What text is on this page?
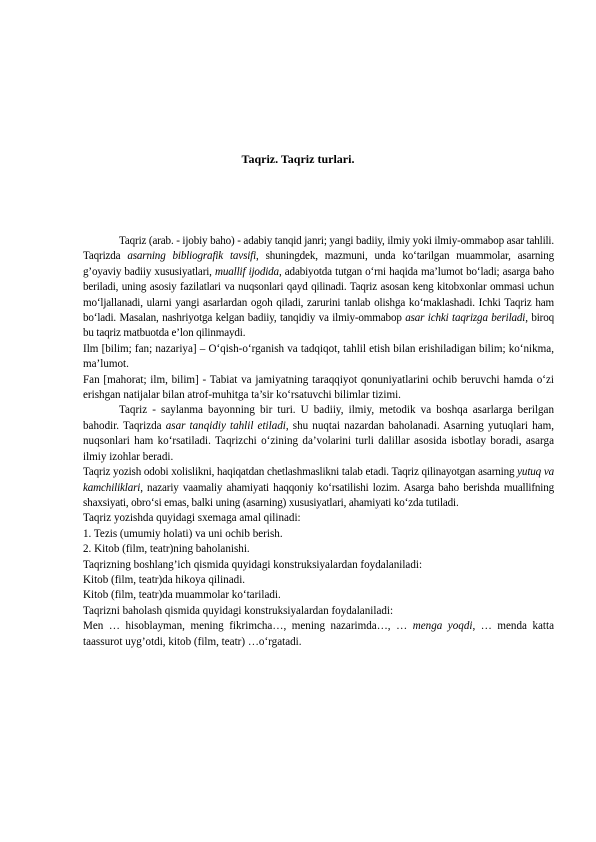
Taqriz. Taqriz turlari.

Taqriz (arab. - ijobiy baho) - adabiy tanqid janri; yangi badiiy, ilmiy yoki ilmiy-ommabop asar tahlili. Taqrizda asarning bibliografik tavsifi, shuningdek, mazmuni, unda ko‘tarilgan muammolar, asarning g’oyaviy badiiy xususiyatlari, muallif ijodida, adabiyotda tutgan o‘rni haqida ma’lumot bo‘ladi; asarga baho beriladi, uning asosiy fazilatlari va nuqsonlari qayd qilinadi. Taqriz asosan keng kitobxonlar ommasi uchun mo‘ljallanadi, ularni yangi asarlardan ogoh qiladi, zarurini tanlab olishga ko‘maklashadi. Ichki Taqriz ham bo‘ladi. Masalan, nashriyotga kelgan badiiy, tanqidiy va ilmiy-ommabop asar ichki taqrizga beriladi, biroq bu taqriz matbuotda e’lon qilinmaydi.

Ilm [bilim; fan; nazariya] – O‘qish-o‘rganish va tadqiqot, tahlil etish bilan erishiladigan bilim; ko‘nikma, ma’lumot.

Fan [mahorat; ilm, bilim] - Tabiat va jamiyatning taraqqiyot qonuniyatlarini ochib beruvchi hamda o‘zi erishgan natijalar bilan atrof-muhitga ta’sir ko‘rsatuvchi bilimlar tizimi.

Taqriz - saylanma bayonning bir turi. U badiiy, ilmiy, metodik va boshqa asarlarga berilgan bahodir. Taqrizda asar tanqidiy tahlil etiladi, shu nuqtai nazardan baholanadi. Asarning yutuqlari ham, nuqsonlari ham ko‘rsatiladi. Taqrizchi o‘zining da’volarini turli dalillar asosida isbotlay boradi, asarga ilmiy izohlar beradi.

Taqriz yozish odobi xolislikni, haqiqatdan chetlashmaslikni talab etadi. Taqriz qilinayotgan asarning yutuq va kamchiliklari, nazariy vaamaliy ahamiyati haqqoniy ko‘rsatilishi lozim. Asarga baho berishda muallifning shaxsiyati, obro‘si emas, balki uning (asarning) xususiyatlari, ahamiyati ko‘zda tutiladi.

Taqriz yozishda quyidagi sxemaga amal qilinadi:

1. Tezis (umumiy holati) va uni ochib berish.

2. Kitob (film, teatr)ning baholanishi.

Taqrizning boshlang’ich qismida quyidagi konstruksiyalardan foydalaniladi:

Kitob (film, teatr)da hikoya qilinadi.

Kitob (film, teatr)da muammolar ko‘tariladi.

Taqrizni baholash qismida quyidagi konstruksiyalardan foydalaniladi:

Men … hisoblayman, mening fikrimcha…, mening nazarimda…, … menga yoqdi, … menda katta taassurot uyg’otdi, kitob (film, teatr) …o‘rgatadi.
